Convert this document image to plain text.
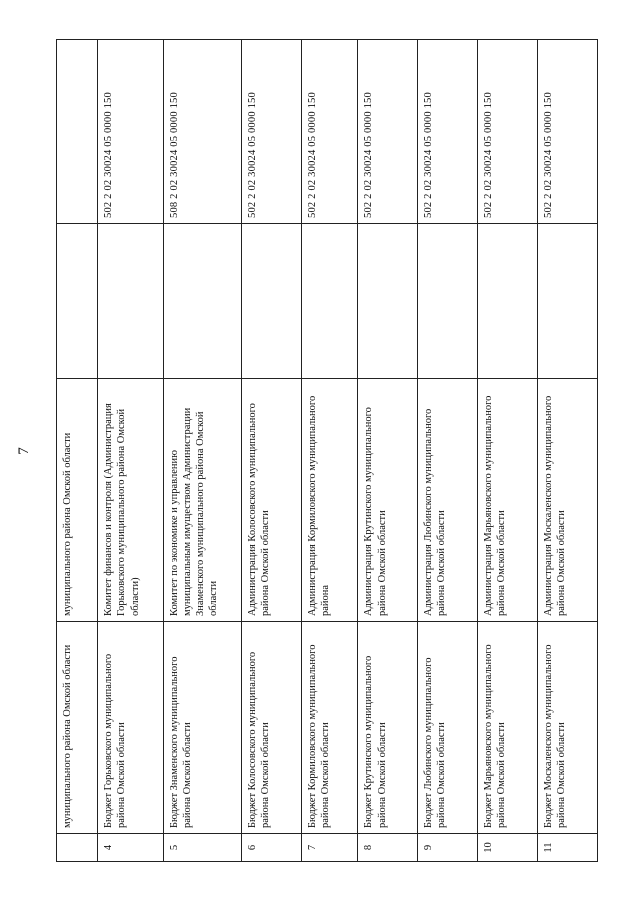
7
	муниципального района Омской области	муниципального района Омской области		
4	Бюджет Горьковского муниципального района Омской области	Комитет финансов и контроля (Администрация Горьковского муниципального района Омской области)		502 2 02 30024 05 0000 150
5	Бюджет Знаменского муниципального района Омской области	Комитет по экономике и управлению муниципальным имуществом Администрации Знаменского муниципального района Омской области		508 2 02 30024 05 0000 150
6	Бюджет Колосовского муниципального района Омской области	Администрация Колосовского муниципального района Омской области		502 2 02 30024 05 0000 150
7	Бюджет Кормиловского муниципального района Омской области	Администрация Кормиловского муниципального района		502 2 02 30024 05 0000 150
8	Бюджет Крутинского муниципального района Омской области	Администрация Крутинского муниципального района Омской области		502 2 02 30024 05 0000 150
9	Бюджет Любинского муниципального района Омской области	Администрация Любинского муниципального района Омской области		502 2 02 30024 05 0000 150
10	Бюджет Марьяновского муниципального района Омской области	Администрация Марьяновского муниципального района Омской области		502 2 02 30024 05 0000 150
11	Бюджет Москаленского муниципального района Омской области	Администрация Москаленского муниципального района Омской области		502 2 02 30024 05 0000 150
